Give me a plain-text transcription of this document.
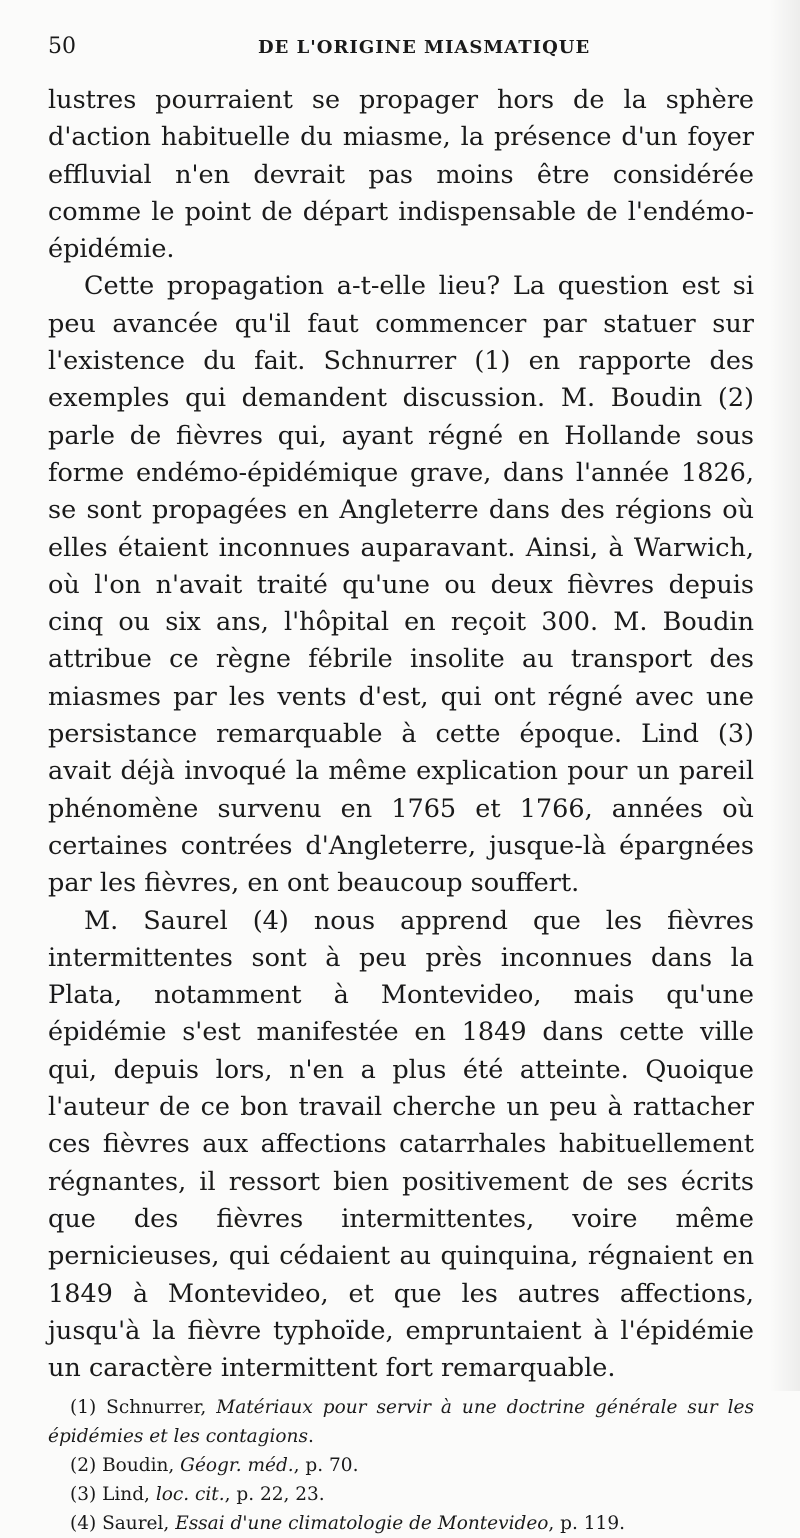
50	DE L'ORIGINE MIASMATIQUE

lustres pourraient se propager hors de la sphère d'action habituelle du miasme, la présence d'un foyer effluvial n'en devrait pas moins être considérée comme le point de départ indispensable de l'endémo-épidémie.

Cette propagation a-t-elle lieu? La question est si peu avancée qu'il faut commencer par statuer sur l'existence du fait. Schnurrer (1) en rapporte des exemples qui demandent discussion. M. Boudin (2) parle de fièvres qui, ayant régné en Hollande sous forme endémo-épidémique grave, dans l'année 1826, se sont propagées en Angleterre dans des régions où elles étaient inconnues auparavant. Ainsi, à Warwich, où l'on n'avait traité qu'une ou deux fièvres depuis cinq ou six ans, l'hôpital en reçoit 300. M. Boudin attribue ce règne fébrile insolite au transport des miasmes par les vents d'est, qui ont régné avec une persistance remarquable à cette époque. Lind (3) avait déjà invoqué la même explication pour un pareil phénomène survenu en 1765 et 1766, années où certaines contrées d'Angleterre, jusque-là épargnées par les fièvres, en ont beaucoup souffert.

M. Saurel (4) nous apprend que les fièvres intermittentes sont à peu près inconnues dans la Plata, notamment à Montevideo, mais qu'une épidémie s'est manifestée en 1849 dans cette ville qui, depuis lors, n'en a plus été atteinte. Quoique l'auteur de ce bon travail cherche un peu à rattacher ces fièvres aux affections catarrhales habituellement régnantes, il ressort bien positivement de ses écrits que des fièvres intermittentes, voire même pernicieuses, qui cédaient au quinquina, régnaient en 1849 à Montevideo, et que les autres affections, jusqu'à la fièvre typhoïde, empruntaient à l'épidémie un caractère intermittent fort remarquable.

(1) Schnurrer, Matériaux pour servir à une doctrine générale sur les épidémies et les contagions.

(2) Boudin, Géogr. méd., p. 70.

(3) Lind, loc. cit., p. 22, 23.

(4) Saurel, Essai d'une climatologie de Montevideo, p. 119.
